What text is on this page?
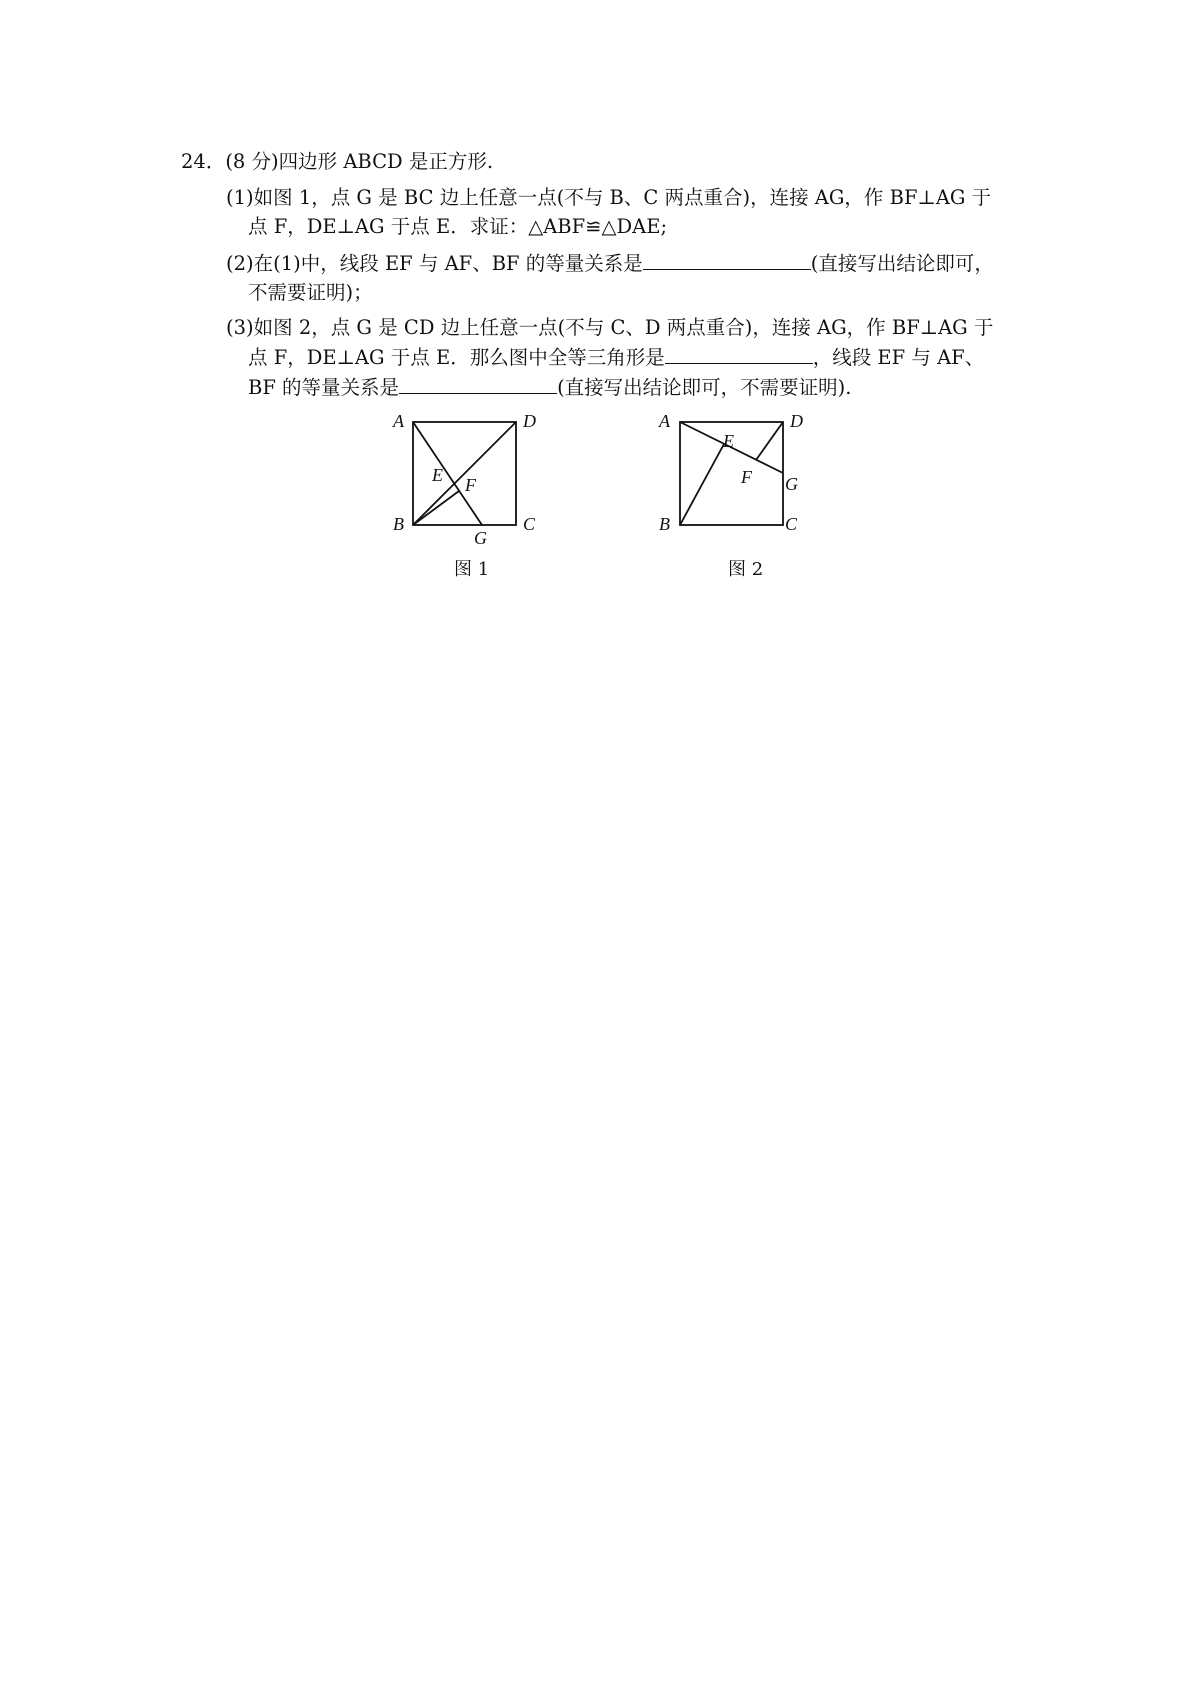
24．(8 分)四边形 ABCD 是正方形.
(1)如图 1，点 G 是 BC 边上任意一点(不与 B、C 两点重合)，连接 AG，作 BF⊥AG 于
点 F，DE⊥AG 于点 E．求证：△ABF≌△DAE;
(2)在(1)中，线段 EF 与 AF、BF 的等量关系是	(直接写出结论即可，
不需要证明)；
(3)如图 2，点 G 是 CD 边上任意一点(不与 C、D 两点重合)，连接 AG，作 BF⊥AG 于
点 F，DE⊥AG 于点 E．那么图中全等三角形是	，线段 EF 与 AF、
BF 的等量关系是	(直接写出结论即可，不需要证明).
A	D
B	C
E F
G
图 1
A	D
B	C
E
F G
图 2
